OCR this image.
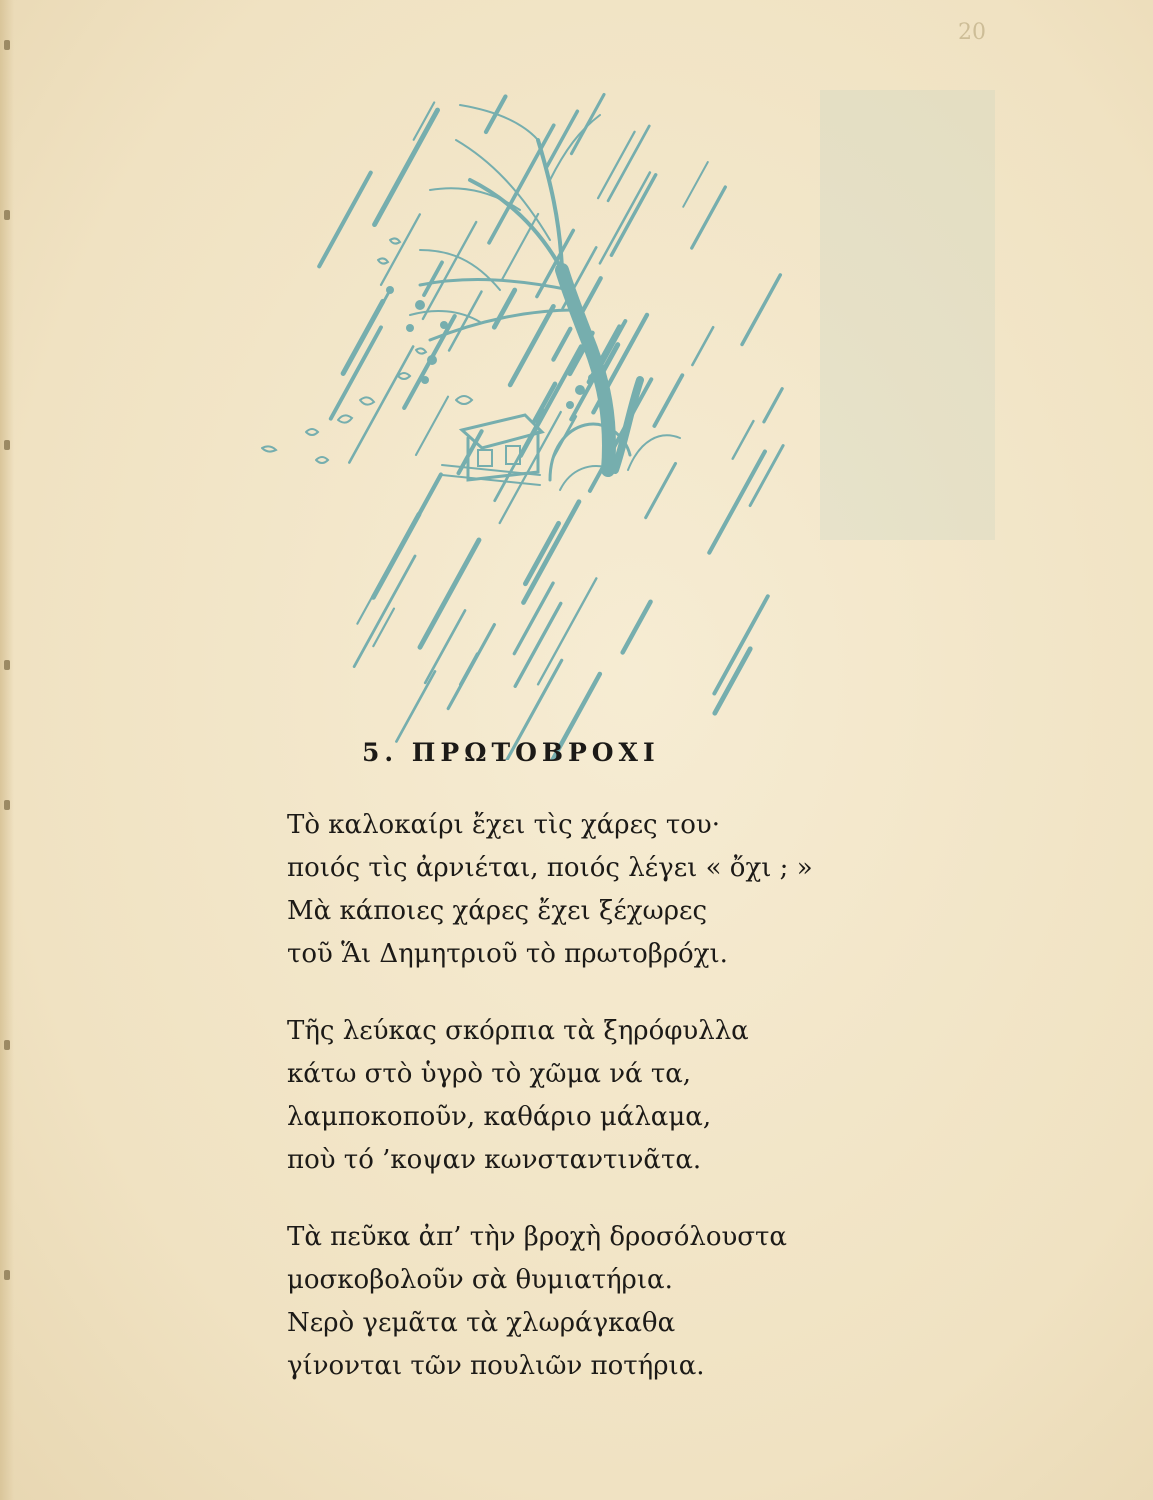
20
5. ΠΡΩΤΟΒΡΟΧΙ

Τὸ καλοκαίρι ἔχει τὶς χάρες του·
ποιός τὶς ἀρνιέται, ποιός λέγει « ὄχι ; »
Μὰ κάποιες χάρες ἔχει ξέχωρες
τοῦ Ἅι Δημητριοῦ τὸ πρωτοβρόχι.

Τῆς λεύκας σκόρπια τὰ ξηρόφυλλα
κάτω στὸ ὑγρὸ τὸ χῶμα νά τα,
λαμποκοποῦν, καθάριο μάλαμα,
ποὺ τό ’κοψαν κωνσταντινᾶτα.

Τὰ πεῦκα ἀπ’ τὴν βροχὴ δροσόλουστα
μοσκοβολοῦν σὰ θυμιατήρια.
Νερὸ γεμᾶτα τὰ χλωράγκαθα
γίνονται τῶν πουλιῶν ποτήρια.
